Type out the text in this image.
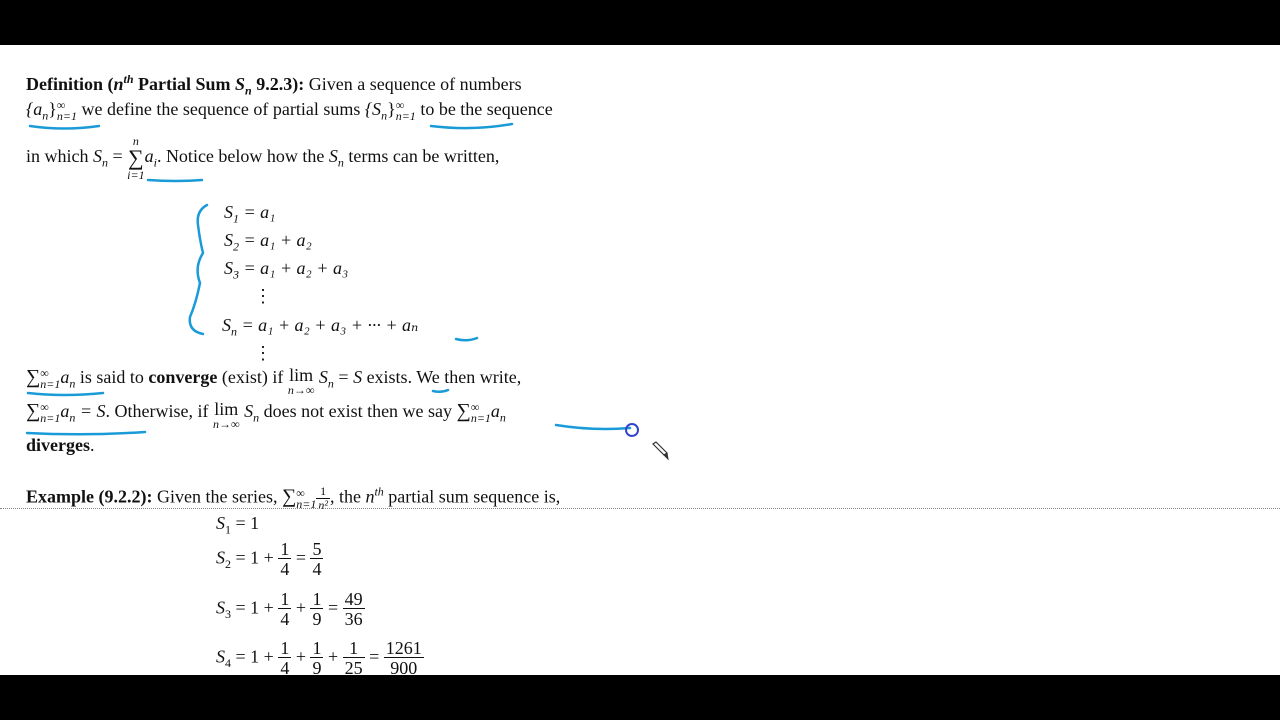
Definition ($n^{th}$ Partial Sum $S_n$ 9.2.3): Given a sequence of numbers
$\{a_n\}$ ∞
n=1 we define the sequence of partial sums $\{S_n\}$ ∞
n=1 to be the sequence
in which $S_n$ =
n
∑
i=1
$a_i$. Notice below how the $S_n$ terms can be written,
$S_1 = a_1$
$S_2 = a_1 + a_2$
$S_3 = a_1 + a_2 + a_3$
⋮
$S_n = a_1 + a_2 + a_3$ + ··· + aₙ
⋮
∑ ∞
n=1 $a_n$ is said to converge (exist) if lim
n→∞
$S_n = S$ exists. We then write,
∑ ∞
n=1 $a_n = S$. Otherwise, if lim
n→∞
$S_n$ does not exist then we say ∑ ∞
n=1 $a_n$
diverges.
Example (9.2.2): Given the series, ∑ ∞
$n=1 \frac{1}{\text{n²}}$ , the $n^{th}$ partial sum sequence is,
$S_1 = 1$
$S_2 = 1 + \frac{1}{4} = \frac{5}{4}$
$S_3 = 1 + \frac{1}{4} + \frac{1}{9} = \frac{49}{36}$
$S_4 = 1 + \frac{1}{4} + \frac{1}{9} + \frac{1}{25} = \frac{1261}{900}$
